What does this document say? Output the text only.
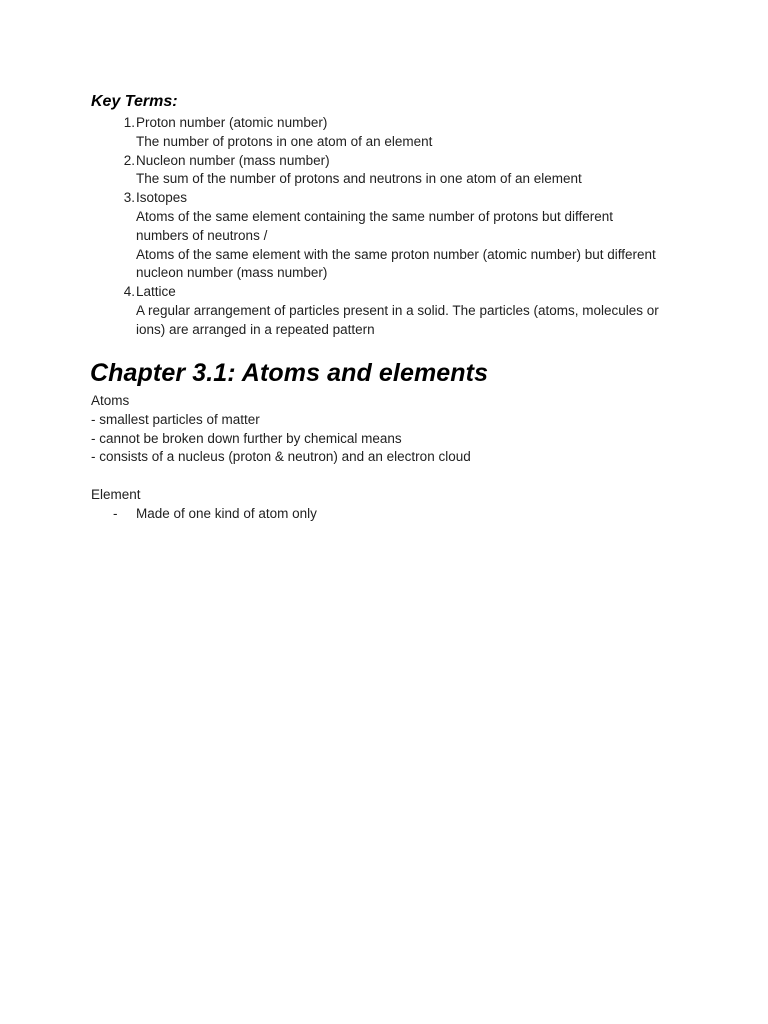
Key Terms:
1. Proton number (atomic number)
The number of protons in one atom of an element
2. Nucleon number (mass number)
The sum of the number of protons and neutrons in one atom of an element
3. Isotopes
Atoms of the same element containing the same number of protons but different
numbers of neutrons /
Atoms of the same element with the same proton number (atomic number) but different
nucleon number (mass number)
4. Lattice
A regular arrangement of particles present in a solid. The particles (atoms, molecules or
ions) are arranged in a repeated pattern
Chapter 3.1: Atoms and elements
Atoms
- smallest particles of matter
- cannot be broken down further by chemical means
- consists of a nucleus (proton & neutron) and an electron cloud
Element
-	Made of one kind of atom only
